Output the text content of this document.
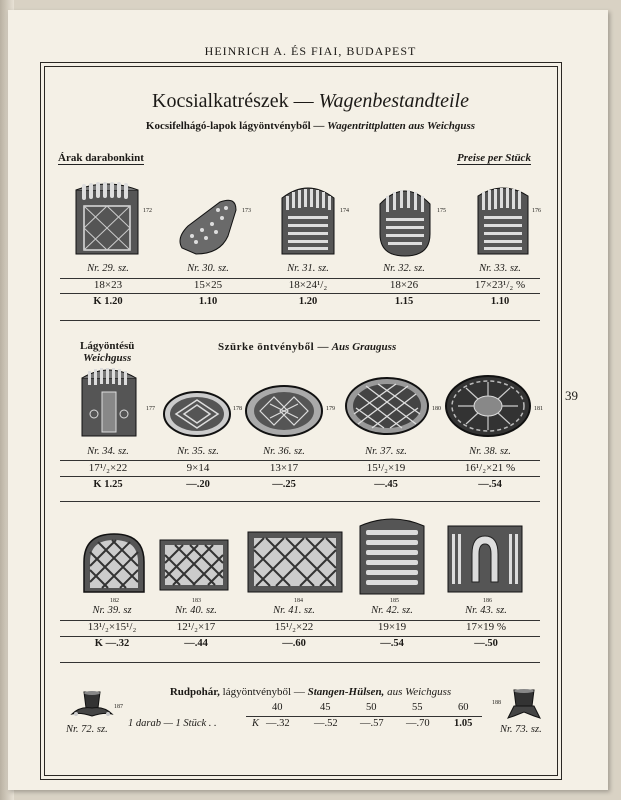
HEINRICH A. ÉS FIAI, BUDAPEST
Kocsialkatrészek — Wagenbestandteile
Kocsifelhágó-lapok lágyöntvényből — Wagentrittplatten aus Weichguss
Árak darabonkint	Preise per Stück
39
172	173	174	175	176
Nr. 29. sz.
18×23
K 1.20
Nr. 30. sz.
15×25
1.10
Nr. 31. sz.
18×24¹/₂
1.20
Nr. 32. sz.
18×26
1.15
Nr. 33. sz.
17×23¹/₂ %
1.10
Lágyöntésü
Weichguss
Szürke öntvényből — Aus Grauguss
177	178	179	180	181
Nr. 34. sz.
17¹/₂×22
K 1.25
Nr. 35. sz.
9×14
—.20
Nr. 36. sz.
13×17
—.25
Nr. 37. sz.
15¹/₂×19
—.45
Nr. 38. sz.
16¹/₂×21 %
—.54
182	183	184	185	186
Nr. 39. sz
13¹/₂×15¹/₂
K —.32
Nr. 40. sz.
12¹/₂×17
—.44
Nr. 41. sz.
15¹/₂×22
—.60
Nr. 42. sz.
19×19
—.54
Nr. 43. sz.
17×19 %
—.50
Rudpohár, lágyöntvényből — Stangen-Hülsen, aus Weichguss
187
188
Nr. 72. sz.	Nr. 73. sz.
1 darab — 1 Stück . .	K
40	45	50	55	60
—.32 —.52 —.57 —.70 1.05
